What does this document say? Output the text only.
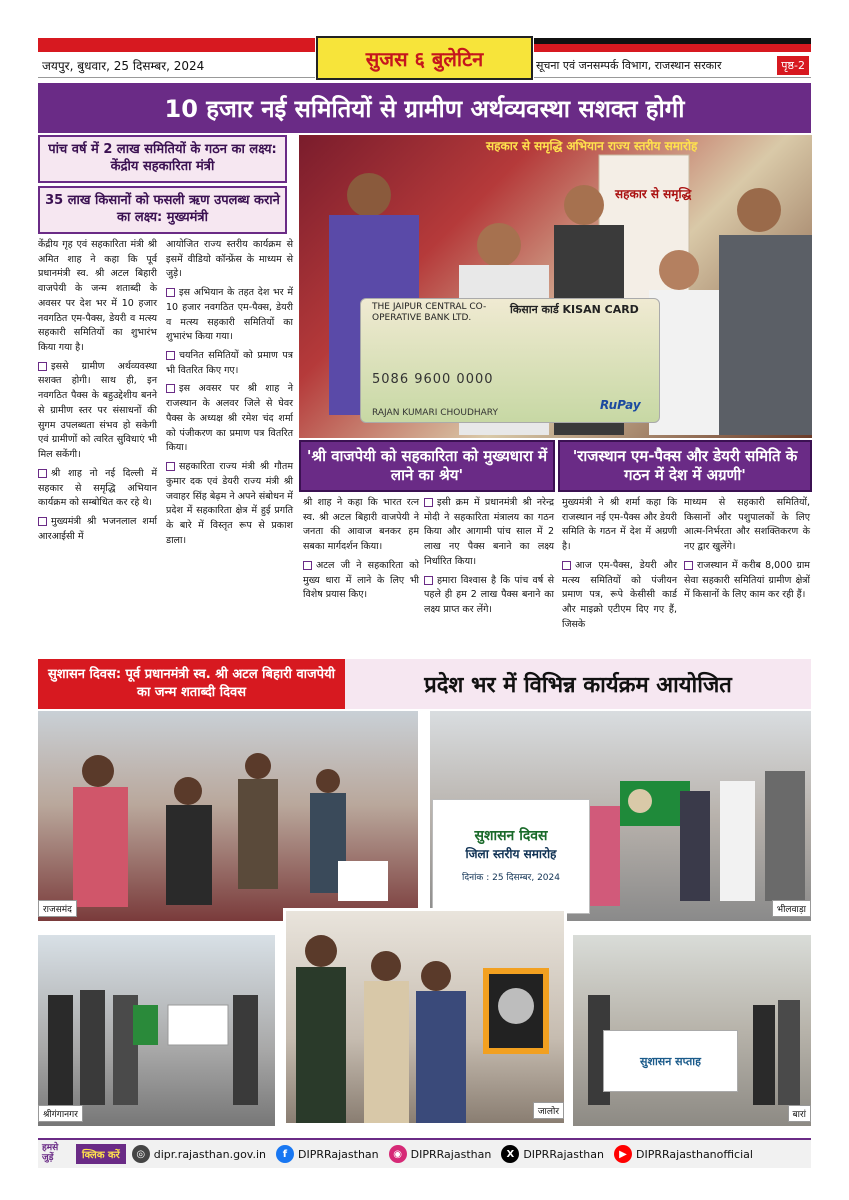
सुजस ६ बुलेटिन
जयपुर, बुधवार, 25 दिसम्बर, 2024	सूचना एवं जनसम्पर्क विभाग, राजस्थान सरकार	पृष्ठ-2
10 हजार नई समितियों से ग्रामीण अर्थव्यवस्था सशक्त होगी
पांच वर्ष में 2 लाख समितियों के गठन का लक्ष्य: केंद्रीय सहकारिता मंत्री
35 लाख किसानों को फसली ऋण उपलब्ध कराने का लक्ष्य: मुख्यमंत्री

केंद्रीय गृह एवं सहकारिता मंत्री श्री अमित शाह ने कहा कि पूर्व प्रधानमंत्री स्व. श्री अटल बिहारी वाजपेयी के जन्म शताब्दी के अवसर पर देश भर में 10 हजार नवगठित एम-पैक्स, डेयरी व मत्स्य सहकारी समितियों का शुभारंभ किया गया है।

इससे ग्रामीण अर्थव्यवस्था सशक्त होगी। साथ ही, इन नवगठित पैक्स के बहुउद्देशीय बनने से ग्रामीण स्तर पर संसाधनों की सुगम उपलब्धता संभव हो सकेगी एवं ग्रामीणों को त्वरित सुविधाएं भी मिल सकेंगी।

श्री शाह नो नई दिल्ली में सहकार से समृद्धि अभियान कार्यक्रम को सम्बोधित कर रहे थे।

मुख्यमंत्री श्री भजनलाल शर्मा आरआईसी में

आयोजित राज्य स्तरीय कार्यक्रम से इसमें वीडियो कॉन्फ्रेंस के माध्यम से जुड़े।

इस अभियान के तहत देश भर में 10 हजार नवगठित एम-पैक्स, डेयरी व मत्स्य सहकारी समितियों का शुभारंभ किया गया।

चयनित समितियों को प्रमाण पत्र भी वितरित किए गए।

इस अवसर पर श्री शाह ने राजस्थान के अलवर जिले से घेवर पैक्स के अध्यक्ष श्री रमेश चंद शर्मा को पंजीकरण का प्रमाण पत्र वितरित किया।

सहकारिता राज्य मंत्री श्री गौतम कुमार दक एवं डेयरी राज्य मंत्री श्री जवाहर सिंह बेढ़म ने अपने संबोधन में प्रदेश में सहकारिता क्षेत्र में हुई प्रगति के बारे में विस्तृत रूप से प्रकाश डाला।

सहकार से समृद्धि अभियान राज्य स्तरीय समारोह
सहकार से समृद्धि
THE JAIPUR CENTRAL CO-OPERATIVE BANK LTD.
किसान कार्ड KISAN CARD
5086 9600 0000
RAJAN KUMARI CHOUDHARY
RuPay
'श्री वाजपेयी को सहकारिता को मुख्यधारा में लाने का श्रेय'
'राजस्थान एम-पैक्स और डेयरी समिति के गठन में देश में अग्रणी'

श्री शाह ने कहा कि भारत रत्न स्व. श्री अटल बिहारी वाजपेयी ने जनता की आवाज बनकर हम सबका मार्गदर्शन किया।

अटल जी ने सहकारिता को मुख्य धारा में लाने के लिए भी विशेष प्रयास किए।

इसी क्रम में प्रधानमंत्री श्री नरेन्द्र मोदी ने सहकारिता मंत्रालय का गठन किया और आगामी पांच साल में 2 लाख नए पैक्स बनाने का लक्ष्य निर्धारित किया।

हमारा विश्वास है कि पांच वर्ष से पहले ही हम 2 लाख पैक्स बनाने का लक्ष्य प्राप्त कर लेंगे।

मुख्यमंत्री ने श्री शर्मा कहा कि राजस्थान नई एम-पैक्स और डेयरी समिति के गठन में देश में अग्रणी है।

आज एम-पैक्स, डेयरी और मत्स्य समितियों को पंजीयन प्रमाण पत्र, रूपे केसीसी कार्ड और माइक्रो एटीएम दिए गए हैं, जिसके

माध्यम से सहकारी समितियों, किसानों और पशुपालकों के लिए आत्म-निर्भरता और सशक्तिकरण के नए द्वार खुलेंगे।

राजस्थान में करीब 8,000 ग्राम सेवा सहकारी समितियां ग्रामीण क्षेत्रों में किसानों के लिए काम कर रही हैं।

सुशासन दिवस: पूर्व प्रधानमंत्री स्व. श्री अटल बिहारी वाजपेयी का जन्म शताब्दी दिवस	प्रदेश भर में विभिन्न कार्यक्रम आयोजित
राजसमंद
सुशासन दिवस
जिला स्तरीय समारोह
दिनांक : 25 दिसम्बर, 2024
भीलवाड़ा
श्रीगंगानगर	जालोर
सुशासन सप्ताह
बारां
हमसे जुड़ें	क्लिक करें	◎ dipr.rajasthan.gov.in	f DIPRRajasthan	◉ DIPRRajasthan	X DIPRRajasthan	▶ DIPRRajasthanofficial
